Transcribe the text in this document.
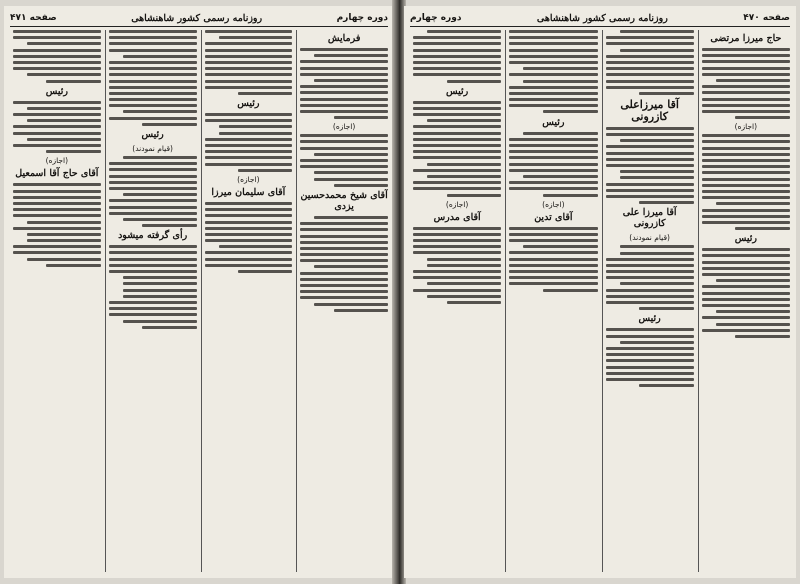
دوره چهارم
روزنامه رسمی کشور شاهنشاهی
صفحه ۴۷۱
فرمایش
(اجازه)
آقای شیخ محمدحسین یزدی
رئیس
(اجازه)
آقای سلیمان میرزا
رئیس
(قیام نمودند)
رأی گرفته میشود
رئیس
(اجازه)
آقای حاج آقا اسمعیل
صفحه ۴۷۰
روزنامه رسمی کشور شاهنشاهی
دوره چهارم
حاج میرزا مرتضی
(اجازه)
رئیس
آقا میرزاعلی کازرونی
آقا میرزا علی کازرونی
(قیام نمودند)
رئیس
رئیس
(اجازه)
آقای تدین
رئیس
(اجازه)
آقای مدرس
